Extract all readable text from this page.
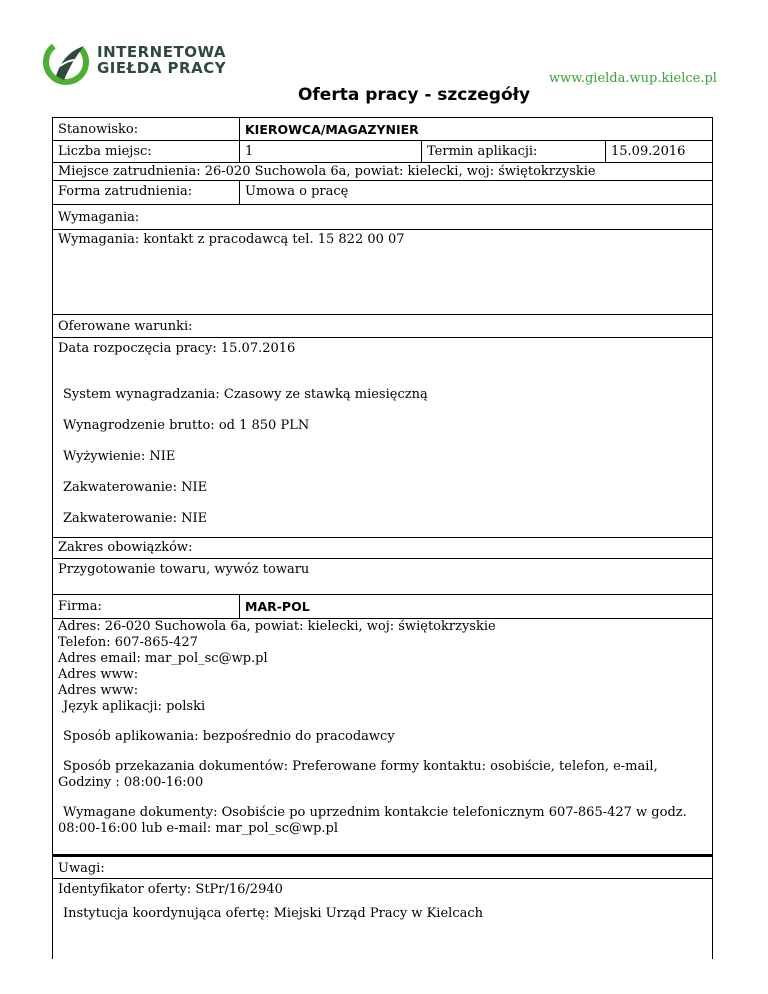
INTERNETOWA
GIEŁDA PRACY
www.gielda.wup.kielce.pl
Oferta pracy - szczegóły
Stanowisko:	KIEROWCA/MAGAZYNIER
Liczba miejsc:	1	Termin aplikacji:	15.09.2016
Miejsce zatrudnienia: 26-020 Suchowola 6a, powiat: kielecki, woj: świętokrzyskie
Forma zatrudnienia:	Umowa o pracę
Wymagania:

Wymagania: kontakt z pracodawcą tel. 15 822 00 07

Oferowane warunki:

Data rozpoczęcia pracy: 15.07.2016

System wynagradzania: Czasowy ze stawką miesięczną

Wynagrodzenie brutto: od 1 850 PLN

Wyżywienie: NIE

Zakwaterowanie: NIE

Zakwaterowanie: NIE

Zakres obowiązków:

Przygotowanie towaru, wywóz towaru

Firma:	MAR-POL

Adres: 26-020 Suchowola 6a, powiat: kielecki, woj: świętokrzyskie

Telefon: 607-865-427

Adres email: mar_pol_sc@wp.pl

Adres www:

Adres www:

Język aplikacji: polski

Sposób aplikowania: bezpośrednio do pracodawcy

Sposób przekazania dokumentów: Preferowane formy kontaktu: osobiście, telefon, e-mail,

Godziny : 08:00-16:00

Wymagane dokumenty: Osobiście po uprzednim kontakcie telefonicznym 607-865-427 w godz.

08:00-16:00 lub e-mail: mar_pol_sc@wp.pl

Uwagi:

Identyfikator oferty: StPr/16/2940

Instytucja koordynująca ofertę: Miejski Urząd Pracy w Kielcach
